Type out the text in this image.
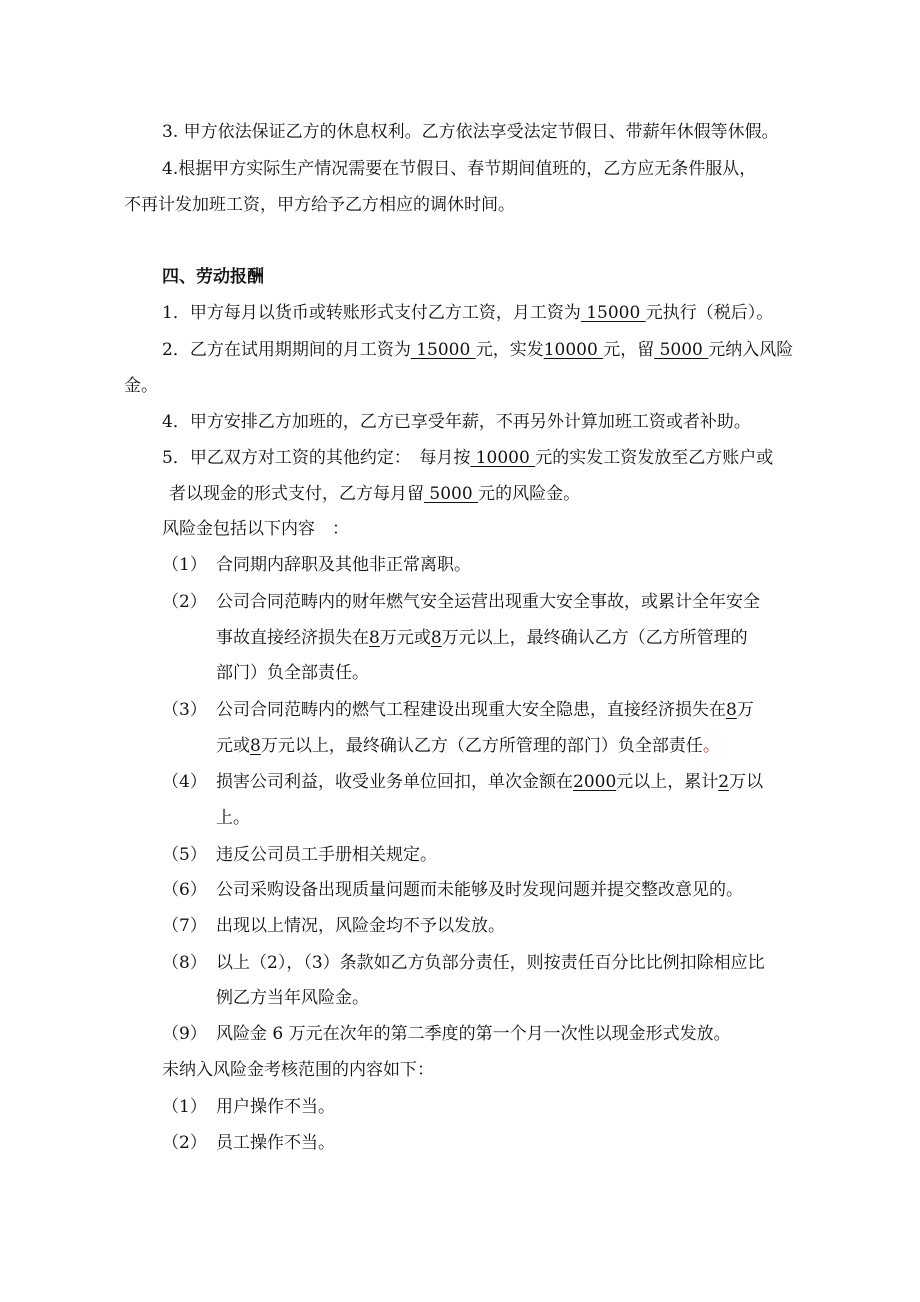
3. 甲方依法保证乙方的休息权利。乙方依法享受法定节假日、带薪年休假等休假。
4.根据甲方实际生产情况需要在节假日、春节期间值班的，乙方应无条件服从，
不再计发加班工资，甲方给予乙方相应的调休时间。
四、劳动报酬
1．甲方每月以货币或转账形式支付乙方工资，月工资为 15000 元执行（税后）。
2．乙方在试用期期间的月工资为 15000 元，实发10000 元，留 5000 元纳入风险
金。
4．甲方安排乙方加班的，乙方已享受年薪，不再另外计算加班工资或者补助。
5．甲乙双方对工资的其他约定：　每月按 10000 元的实发工资发放至乙方账户或
者以现金的形式支付，乙方每月留 5000 元的风险金。
风险金包括以下内容　：
（1） 合同期内辞职及其他非正常离职。
（2） 公司合同范畴内的财年燃气安全运营出现重大安全事故，或累计全年安全
事故直接经济损失在8万元或8万元以上，最终确认乙方（乙方所管理的
部门）负全部责任。
（3） 公司合同范畴内的燃气工程建设出现重大安全隐患，直接经济损失在8万
元或8万元以上，最终确认乙方（乙方所管理的部门）负全部责任。
（4） 损害公司利益，收受业务单位回扣，单次金额在2000元以上，累计2万以
上。
（5） 违反公司员工手册相关规定。
（6） 公司采购设备出现质量问题而未能够及时发现问题并提交整改意见的。
（7） 出现以上情况，风险金均不予以发放。
（8） 以上（2），（3）条款如乙方负部分责任，则按责任百分比比例扣除相应比
例乙方当年风险金。
（9） 风险金 6 万元在次年的第二季度的第一个月一次性以现金形式发放。
未纳入风险金考核范围的内容如下：
（1） 用户操作不当。
（2） 员工操作不当。
